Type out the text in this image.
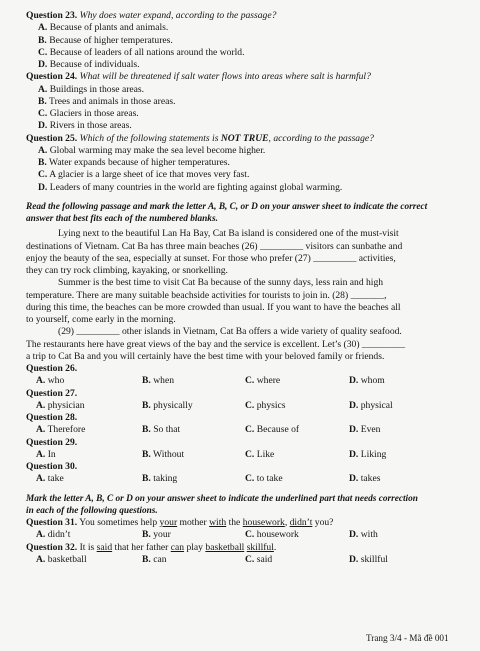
Question 23. Why does water expand, according to the passage?
A. Because of plants and animals.
B. Because of higher temperatures.
C. Because of leaders of all nations around the world.
D. Because of individuals.
Question 24. What will be threatened if salt water flows into areas where salt is harmful?
A. Buildings in those areas.
B. Trees and animals in those areas.
C. Glaciers in those areas.
D. Rivers in those areas.
Question 25. Which of the following statements is NOT TRUE, according to the passage?
A. Global warming may make the sea level become higher.
B. Water expands because of higher temperatures.
C. A glacier is a large sheet of ice that moves very fast.
D. Leaders of many countries in the world are fighting against global warming.
Read the following passage and mark the letter A, B, C, or D on your answer sheet to indicate the correct
answer that best fits each of the numbered blanks.
Lying next to the beautiful Lan Ha Bay, Cat Ba island is considered one of the must-visit
destinations of Vietnam. Cat Ba has three main beaches (26) _________ visitors can sunbathe and
enjoy the beauty of the sea, especially at sunset. For those who prefer (27) _________ activities,
they can try rock climbing, kayaking, or snorkelling.
Summer is the best time to visit Cat Ba because of the sunny days, less rain and high
temperature. There are many suitable beachside activities for tourists to join in. (28) _______,
during this time, the beaches can be more crowded than usual. If you want to have the beaches all
to yourself, come early in the morning.
(29) _________ other islands in Vietnam, Cat Ba offers a wide variety of quality seafood.
The restaurants here have great views of the bay and the service is excellent. Let’s (30) _________
a trip to Cat Ba and you will certainly have the best time with your beloved family or friends.
Question 26.
A. who	B. when	C. where	D. whom
Question 27.
A. physician	B. physically	C. physics	D. physical
Question 28.
A. Therefore	B. So that	C. Because of	D. Even
Question 29.
A. In	B. Without	C. Like	D. Liking
Question 30.
A. take	B. taking	C. to take	D. takes
Mark the letter A, B, C or D on your answer sheet to indicate the underlined part that needs correction
in each of the following questions.
Question 31. You sometimes help your mother with the housework, didn’t you?
A. didn’t	B. your	C. housework	D. with
Question 32. It is said that her father can play basketball skillful.
A. basketball	B. can	C. said	D. skillful
Trang 3/4 - Mã đề 001
